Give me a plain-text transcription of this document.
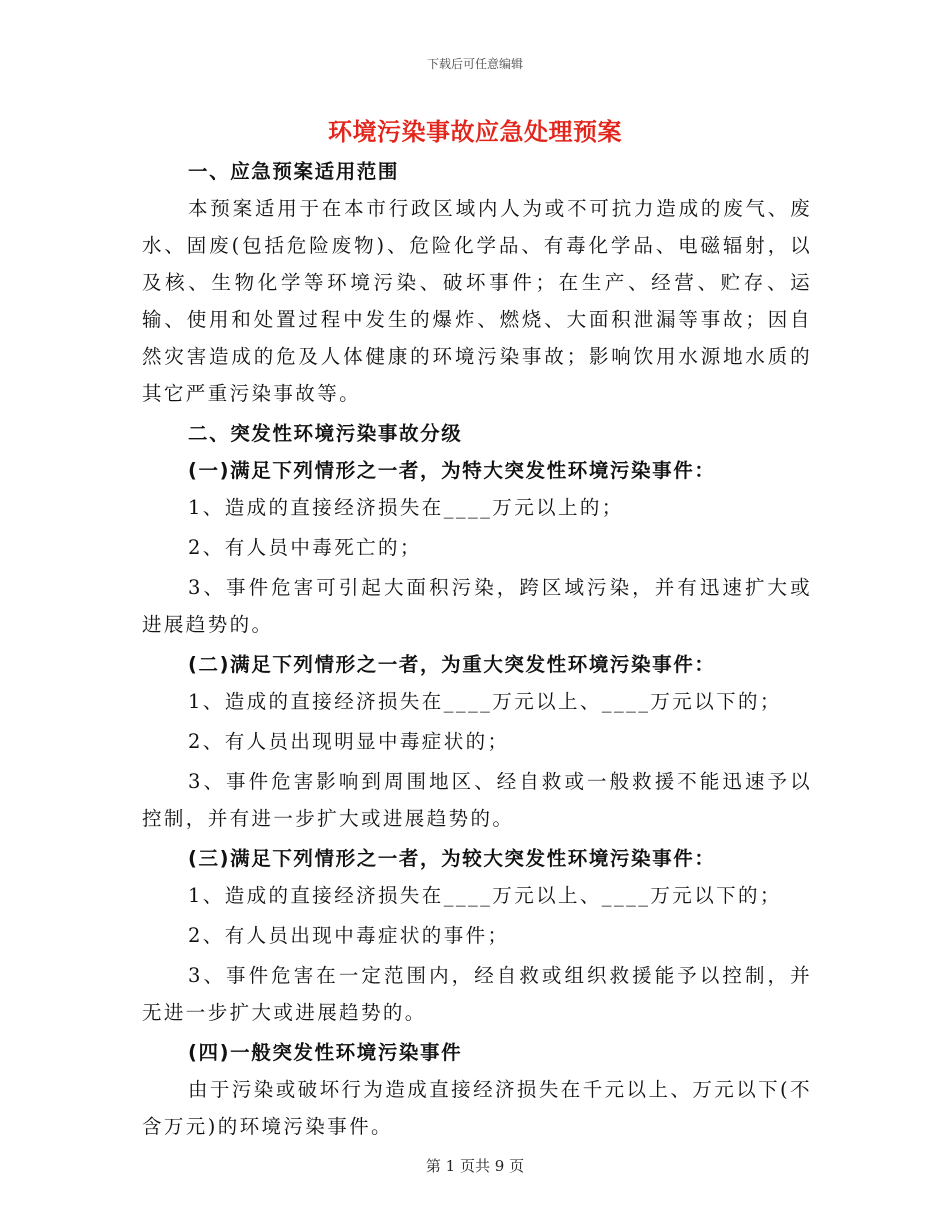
下载后可任意编辑
环境污染事故应急处理预案

一、应急预案适用范围

本预案适用于在本市行政区域内人为或不可抗力造成的废气、废水、固废(包括危险废物)、危险化学品、有毒化学品、电磁辐射，以及核、生物化学等环境污染、破坏事件；在生产、经营、贮存、运输、使用和处置过程中发生的爆炸、燃烧、大面积泄漏等事故；因自然灾害造成的危及人体健康的环境污染事故；影响饮用水源地水质的其它严重污染事故等。

二、突发性环境污染事故分级

(一)满足下列情形之一者，为特大突发性环境污染事件：

1、造成的直接经济损失在____万元以上的；

2、有人员中毒死亡的；

3、事件危害可引起大面积污染，跨区域污染，并有迅速扩大或进展趋势的。

(二)满足下列情形之一者，为重大突发性环境污染事件：

1、造成的直接经济损失在____万元以上、____万元以下的；

2、有人员出现明显中毒症状的；

3、事件危害影响到周围地区、经自救或一般救援不能迅速予以控制，并有进一步扩大或进展趋势的。

(三)满足下列情形之一者，为较大突发性环境污染事件：

1、造成的直接经济损失在____万元以上、____万元以下的；

2、有人员出现中毒症状的事件；

3、事件危害在一定范围内，经自救或组织救援能予以控制，并无进一步扩大或进展趋势的。

(四)一般突发性环境污染事件

由于污染或破坏行为造成直接经济损失在千元以上、万元以下(不含万元)的环境污染事件。

第 1 页共 9 页
